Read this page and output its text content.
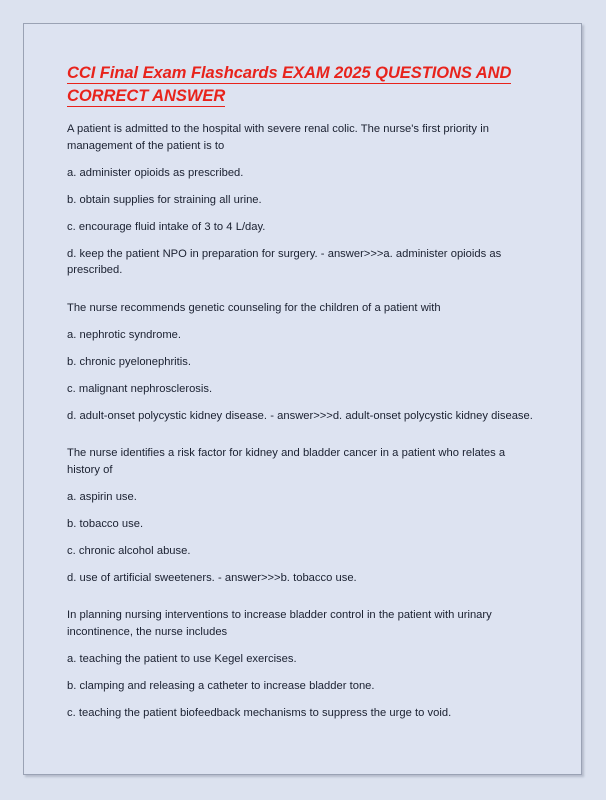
CCI Final Exam Flashcards EXAM 2025 QUESTIONS AND
CORRECT ANSWER

A patient is admitted to the hospital with severe renal colic. The nurse's first priority in management of the patient is to

a. administer opioids as prescribed.

b. obtain supplies for straining all urine.

c. encourage fluid intake of 3 to 4 L/day.

d. keep the patient NPO in preparation for surgery. - answer>>>a. administer opioids as prescribed.

The nurse recommends genetic counseling for the children of a patient with

a. nephrotic syndrome.

b. chronic pyelonephritis.

c. malignant nephrosclerosis.

d. adult-onset polycystic kidney disease. - answer>>>d. adult-onset polycystic kidney disease.

The nurse identifies a risk factor for kidney and bladder cancer in a patient who relates a history of

a. aspirin use.

b. tobacco use.

c. chronic alcohol abuse.

d. use of artificial sweeteners. - answer>>>b. tobacco use.

In planning nursing interventions to increase bladder control in the patient with urinary incontinence, the nurse includes

a. teaching the patient to use Kegel exercises.

b. clamping and releasing a catheter to increase bladder tone.

c. teaching the patient biofeedback mechanisms to suppress the urge to void.
